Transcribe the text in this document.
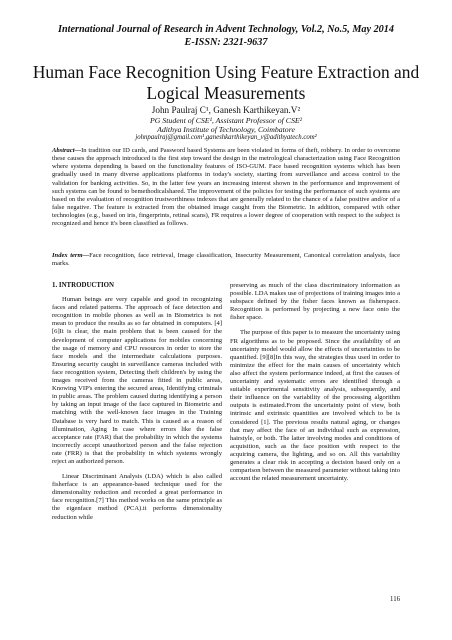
International Journal of Research in Advent Technology, Vol.2, No.5, May 2014
E-ISSN: 2321-9637
Human Face Recognition Using Feature Extraction and Logical Measurements
John Paulraj C¹, Ganesh Karthikeyan.V²
PG Student of CSE¹, Assistant Professor of CSE²
Adithya Institute of Technology, Coimbatore
johnpaulraj@gmail.com¹,ganeshkarthikeyan_v@adithyatech.com²
Abstract—In tradition our ID cards, and Password based Systems are been violated in forms of theft, robbery. In order to overcome these causes the approach introduced is the first step toward the design in the metrological characterization using Face Recognition where systems depending is based on the functionality features of ISO-GUM. Face based recognition systems which has been gradually used in many diverse applications platforms in today's society, starting from surveillance and access control to the validation for banking activities. So, in the latter few years an increasing interest shown in the performance and improvement of such systems can be found to bemethodicalshared. The improvement of the policies for testing the performance of such systems are based on the evaluation of recognition trustworthiness indexes that are generally related to the chance of a false positive and/or of a false negative. The feature is extracted from the obtained image caught from the Biometric. In addition, compared with other technologies (e.g., based on iris, fingerprints, retinal scans), FR requires a lower degree of cooperation with respect to the subject is recognized and hence it's been classified as follows.
Index term—Face recognition, face retrieval, Image classification, Insecurity Measurement, Canonical correlation analysis, face marks.
1. INTRODUCTION

Human beings are very capable and good in recognizing faces and related patterns. The approach of face detection and recognition in mobile phones as well as in Biometrics is not mean to produce the results as so far obtained in computers. [4][6]It is clear, the main problem that is been caused for the development of computer applications for mobiles concerning the usage of memory and CPU resources in order to store the face models and the intermediate calculations purposes. Ensuring security caught in surveillance cameras included with face recognition system, Detecting theft children's by using the images received from the cameras fitted in public areas, Knowing VIP's entering the secured areas, Identifying criminals in public areas. The problem caused during identifying a person by taking an input image of the face captured in Biometric and matching with the well-known face images in the Training Database is very hard to match. This is caused as a reason of illumination, Aging In case where errors like the false acceptance rate (FAR) that the probability in which the systems incorrectly accept unauthorized person and the false rejection rate (FRR) is that the probability in which systems wrongly reject an authorized person.

Linear Discriminant Analysis (LDA) which is also called fisherface is an appearance-based technique used for the dimensionality reduction and recorded a great performance in face recognition.[7] This method works on the same principle as the eigenface method (PCA).it performs dimensionality reduction while

preserving as much of the class discriminatory information as possible. LDA makes use of projections of training images into a subspace defined by the fisher faces known as fisherspace. Recognition is performed by projecting a new face onto the fisher space.

The purpose of this paper is to measure the uncertainty using FR algorithms as to be proposed. Since the availability of an uncertainty model would allow the effects of uncertainties to be quantified. [9][8]In this way, the strategies thus used in order to minimize the effect for the main causes of uncertainty which also affect the system performance indeed, at first the causes of uncertainty and systematic errors are identified through a suitable experimental sensitivity analysis, subsequently, and their influence on the variability of the processing algorithm outputs is estimated.From the uncertainty point of view, both intrinsic and extrinsic quantities are involved which to be is considered [1]. The previous results natural aging, or changes that may affect the face of an individual such as expression, hairstyle, or both. The latter involving modes and conditions of acquisition, such as the face position with respect to the acquiring camera, the lighting, and so on. All this variability generates a clear risk in accepting a decision based only on a comparison between the measured parameter without taking into account the related measurement uncertainty.

116
